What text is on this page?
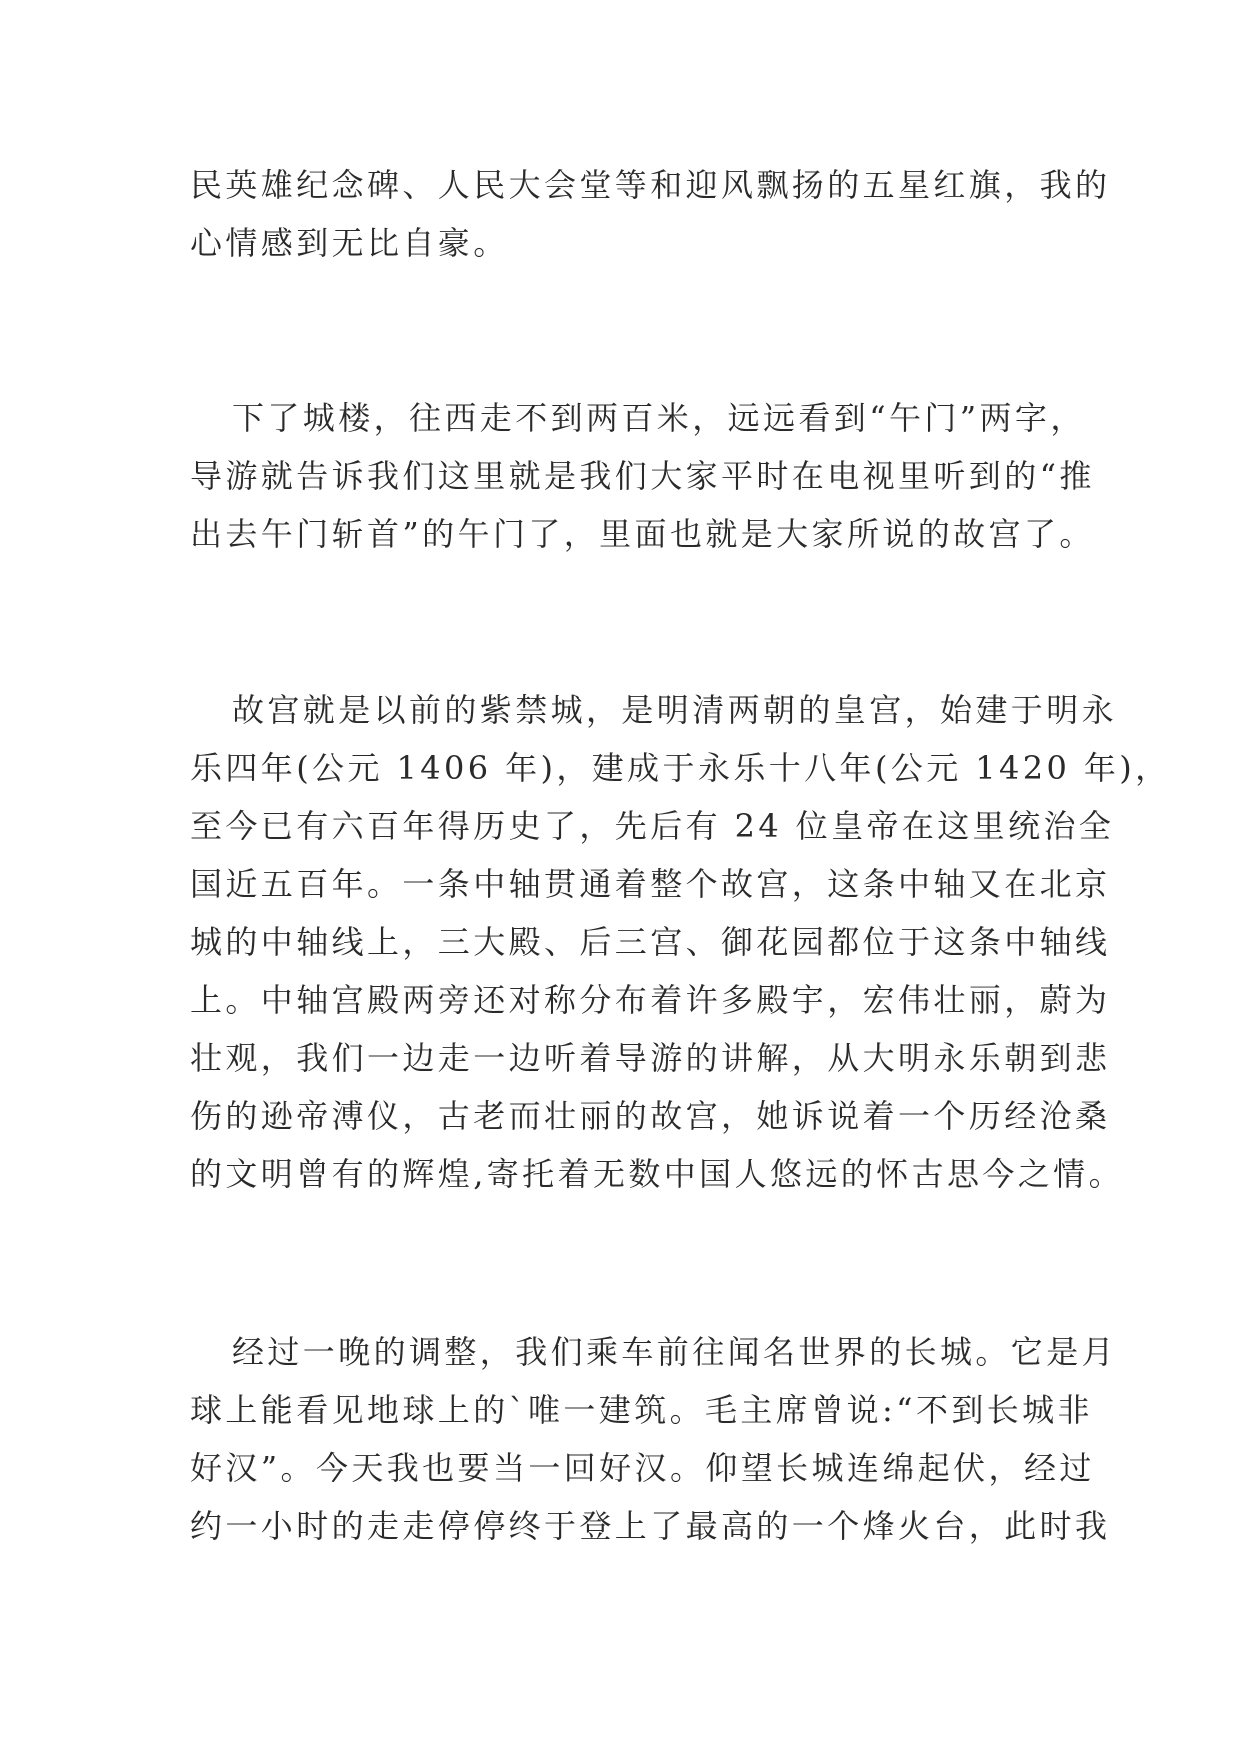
民英雄纪念碑、人民大会堂等和迎风飘扬的五星红旗，我的
心情感到无比自豪。
下了城楼，往西走不到两百米，远远看到“午门”两字，
导游就告诉我们这里就是我们大家平时在电视里听到的“推
出去午门斩首”的午门了，里面也就是大家所说的故宫了。
故宫就是以前的紫禁城，是明清两朝的皇宫，始建于明永
乐四年(公元 1406 年)，建成于永乐十八年(公元 1420 年)，
至今已有六百年得历史了，先后有 24 位皇帝在这里统治全
国近五百年。一条中轴贯通着整个故宫，这条中轴又在北京
城的中轴线上，三大殿、后三宫、御花园都位于这条中轴线
上。中轴宫殿两旁还对称分布着许多殿宇，宏伟壮丽，蔚为
壮观，我们一边走一边听着导游的讲解，从大明永乐朝到悲
伤的逊帝溥仪，古老而壮丽的故宫，她诉说着一个历经沧桑
的文明曾有的辉煌,寄托着无数中国人悠远的怀古思今之情。
经过一晚的调整，我们乘车前往闻名世界的长城。它是月
球上能看见地球上的`唯一建筑。毛主席曾说:“不到长城非
好汉”。今天我也要当一回好汉。仰望长城连绵起伏，经过
约一小时的走走停停终于登上了最高的一个烽火台，此时我
